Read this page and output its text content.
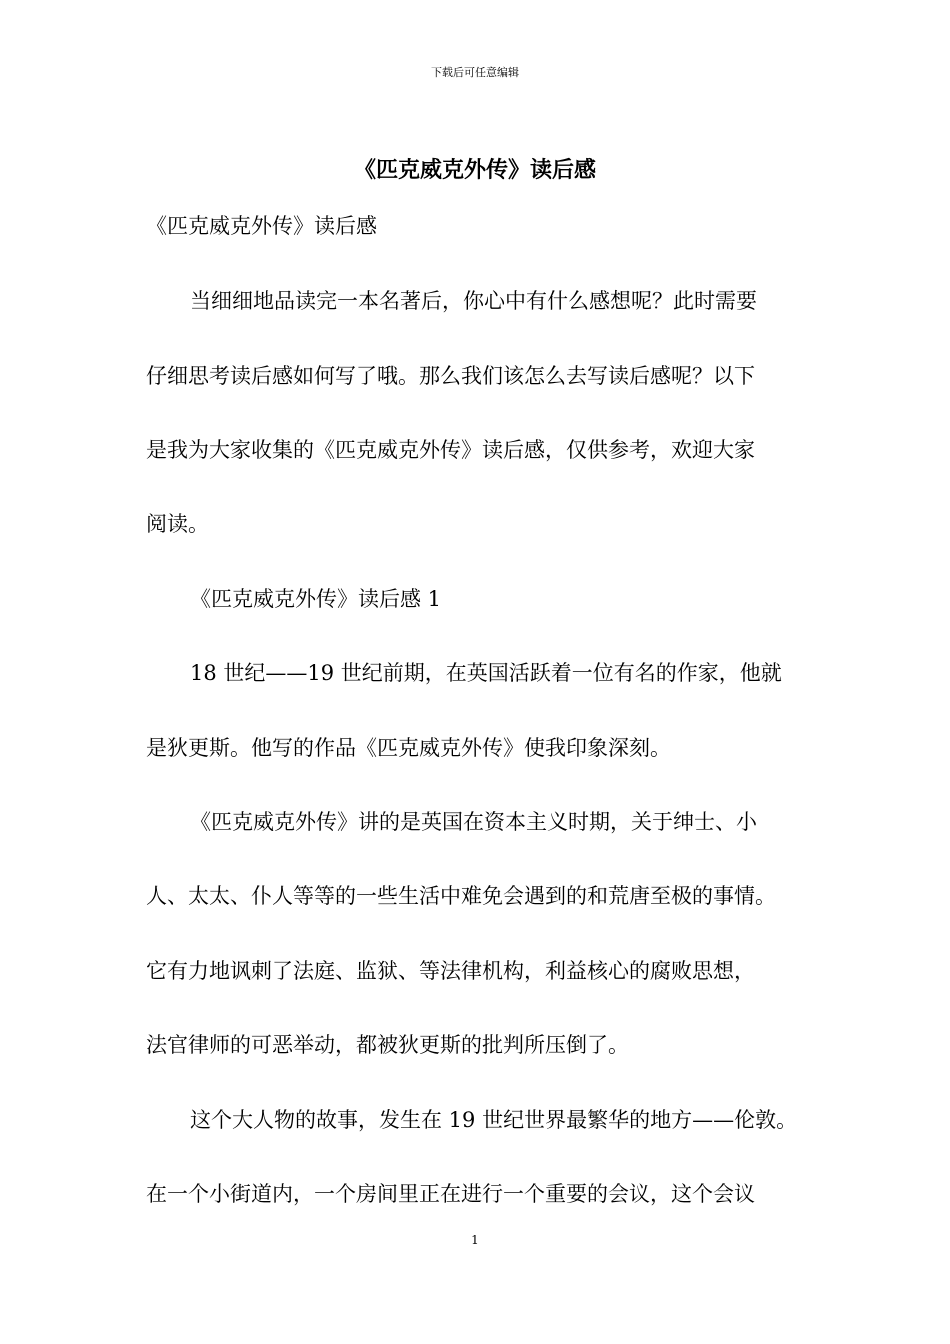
下载后可任意编辑
《匹克威克外传》读后感
《匹克威克外传》读后感
当细细地品读完一本名著后，你心中有什么感想呢？此时需要
仔细思考读后感如何写了哦。那么我们该怎么去写读后感呢？以下
是我为大家收集的《匹克威克外传》读后感，仅供参考，欢迎大家
阅读。
《匹克威克外传》读后感 1
18 世纪——19 世纪前期，在英国活跃着一位有名的作家，他就
是狄更斯。他写的作品《匹克威克外传》使我印象深刻。
《匹克威克外传》讲的是英国在资本主义时期，关于绅士、小
人、太太、仆人等等的一些生活中难免会遇到的和荒唐至极的事情。
它有力地讽刺了法庭、监狱、等法律机构，利益核心的腐败思想，
法官律师的可恶举动，都被狄更斯的批判所压倒了。
这个大人物的故事，发生在 19 世纪世界最繁华的地方——伦敦。
在一个小街道内，一个房间里正在进行一个重要的会议，这个会议
1
